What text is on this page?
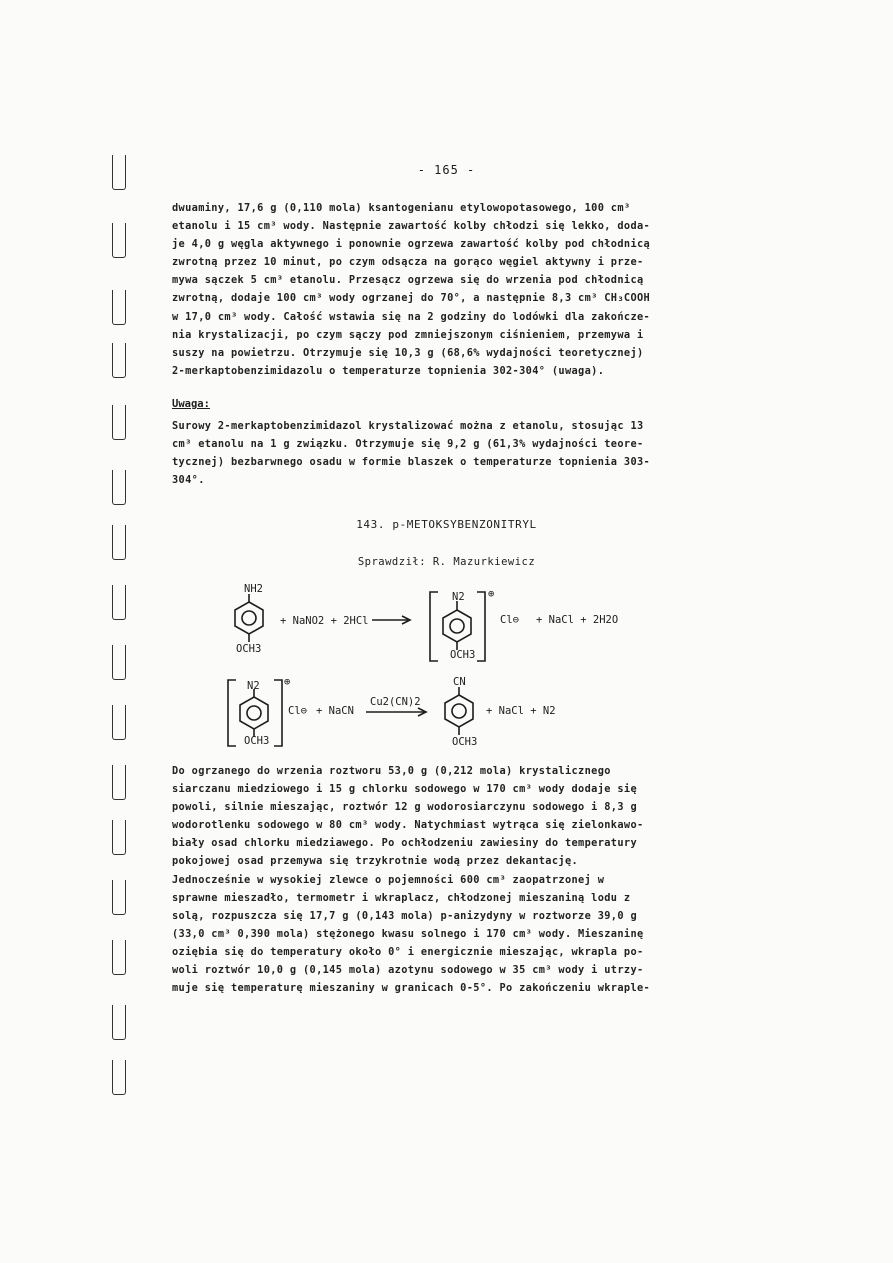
- 165 -
dwuaminy, 17,6 g (0,110 mola) ksantogenianu etylowopotasowego, 100 cm³
etanolu i 15 cm³ wody. Następnie zawartość kolby chłodzi się lekko, doda-
je 4,0 g węgla aktywnego i ponownie ogrzewa zawartość kolby pod chłodnicą
zwrotną przez 10 minut, po czym odsącza na gorąco węgiel aktywny i prze-
mywa sączek 5 cm³ etanolu. Przesącz ogrzewa się do wrzenia pod chłodnicą
zwrotną, dodaje 100 cm³ wody ogrzanej do 70°, a następnie 8,3 cm³ CH₃COOH
w 17,0 cm³ wody. Całość wstawia się na 2 godziny do lodówki dla zakończe-
nia krystalizacji, po czym sączy pod zmniejszonym ciśnieniem, przemywa i
suszy na powietrzu. Otrzymuje się 10,3 g (68,6% wydajności teoretycznej)
2-merkaptobenzimidazolu o temperaturze topnienia 302-304° (uwaga).
Uwaga:
Surowy 2-merkaptobenzimidazol krystalizować można z etanolu, stosując 13
cm³ etanolu na 1 g związku. Otrzymuje się 9,2 g (61,3% wydajności teore-
tycznej) bezbarwnego osadu w formie blaszek o temperaturze topnienia 303-
304°.
143. p-METOKSYBENZONITRYL
Sprawdził: R. Mazurkiewicz
NH2
OCH3
+ NaNO2 + 2HCl
N2
OCH3
⊕
Cl⊖ + NaCl + 2H2O
N2
OCH3
⊕
Cl⊖ + NaCN
Cu2(CN)2
CN
OCH3
+ NaCl + N2
Do ogrzanego do wrzenia roztworu 53,0 g (0,212 mola) krystalicznego
siarczanu miedziowego i 15 g chlorku sodowego w 170 cm³ wody dodaje się
powoli, silnie mieszając, roztwór 12 g wodorosiarczynu sodowego i 8,3 g
wodorotlenku sodowego w 80 cm³ wody. Natychmiast wytrąca się zielonkawo-
biały osad chlorku miedziawego. Po ochłodzeniu zawiesiny do temperatury
pokojowej osad przemywa się trzykrotnie wodą przez dekantację.
Jednocześnie w wysokiej zlewce o pojemności 600 cm³ zaopatrzonej w
sprawne mieszadło, termometr i wkraplacz, chłodzonej mieszaniną lodu z
solą, rozpuszcza się 17,7 g (0,143 mola) p-anizydyny w roztworze 39,0 g
(33,0 cm³ 0,390 mola) stężonego kwasu solnego i 170 cm³ wody. Mieszaninę
oziębia się do temperatury około 0° i energicznie mieszając, wkrapla po-
woli roztwór 10,0 g (0,145 mola) azotynu sodowego w 35 cm³ wody i utrzy-
muje się temperaturę mieszaniny w granicach 0-5°. Po zakończeniu wkraple-
